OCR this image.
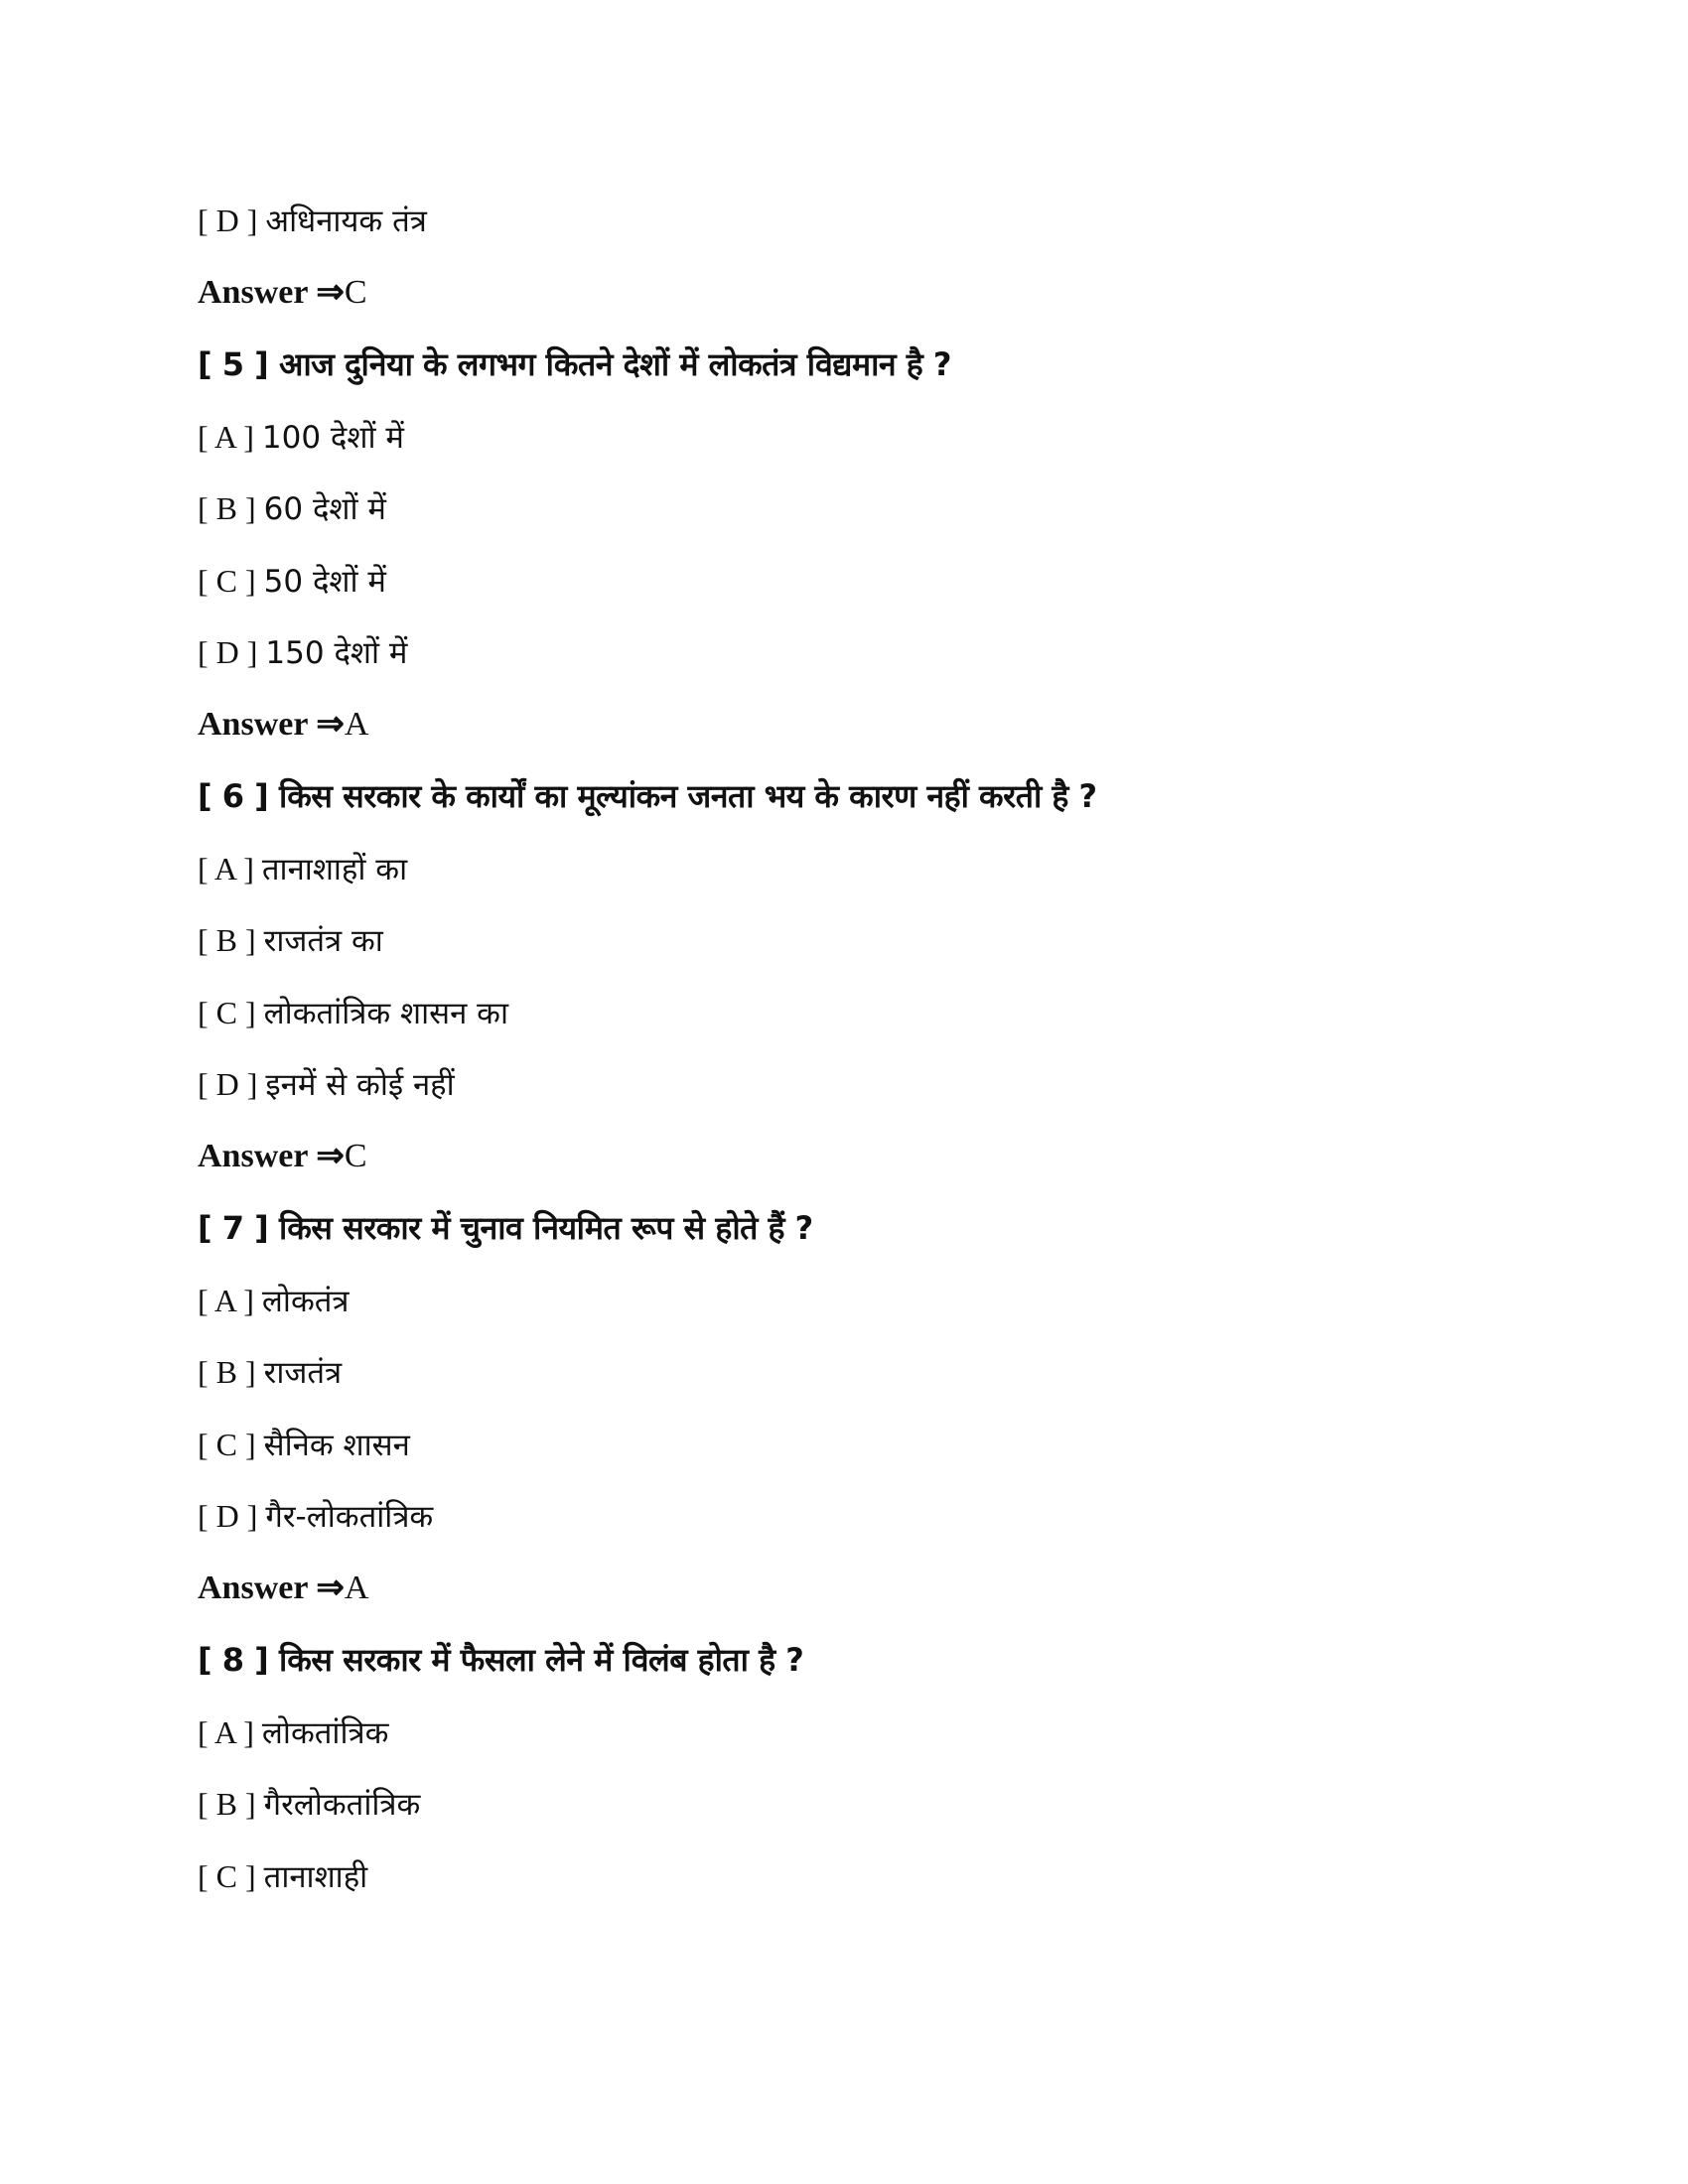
[ D ] अधिनायक तंत्र
Answer ⇒C
[ 5 ] आज दुनिया के लगभग कितने देशों में लोकतंत्र विद्यमान है ?
[ A ] 100 देशों में
[ B ] 60 देशों में
[ C ] 50 देशों में
[ D ] 150 देशों में
Answer ⇒A
[ 6 ] किस सरकार के कार्यों का मूल्यांकन जनता भय के कारण नहीं करती है ?
[ A ] तानाशाहों का
[ B ] राजतंत्र का
[ C ] लोकतांत्रिक शासन का
[ D ] इनमें से कोई नहीं
Answer ⇒C
[ 7 ] किस सरकार में चुनाव नियमित रूप से होते हैं ?
[ A ] लोकतंत्र
[ B ] राजतंत्र
[ C ] सैनिक शासन
[ D ] गैर-लोकतांत्रिक
Answer ⇒A
[ 8 ] किस सरकार में फैसला लेने में विलंब होता है ?
[ A ] लोकतांत्रिक
[ B ] गैरलोकतांत्रिक
[ C ] तानाशाही
